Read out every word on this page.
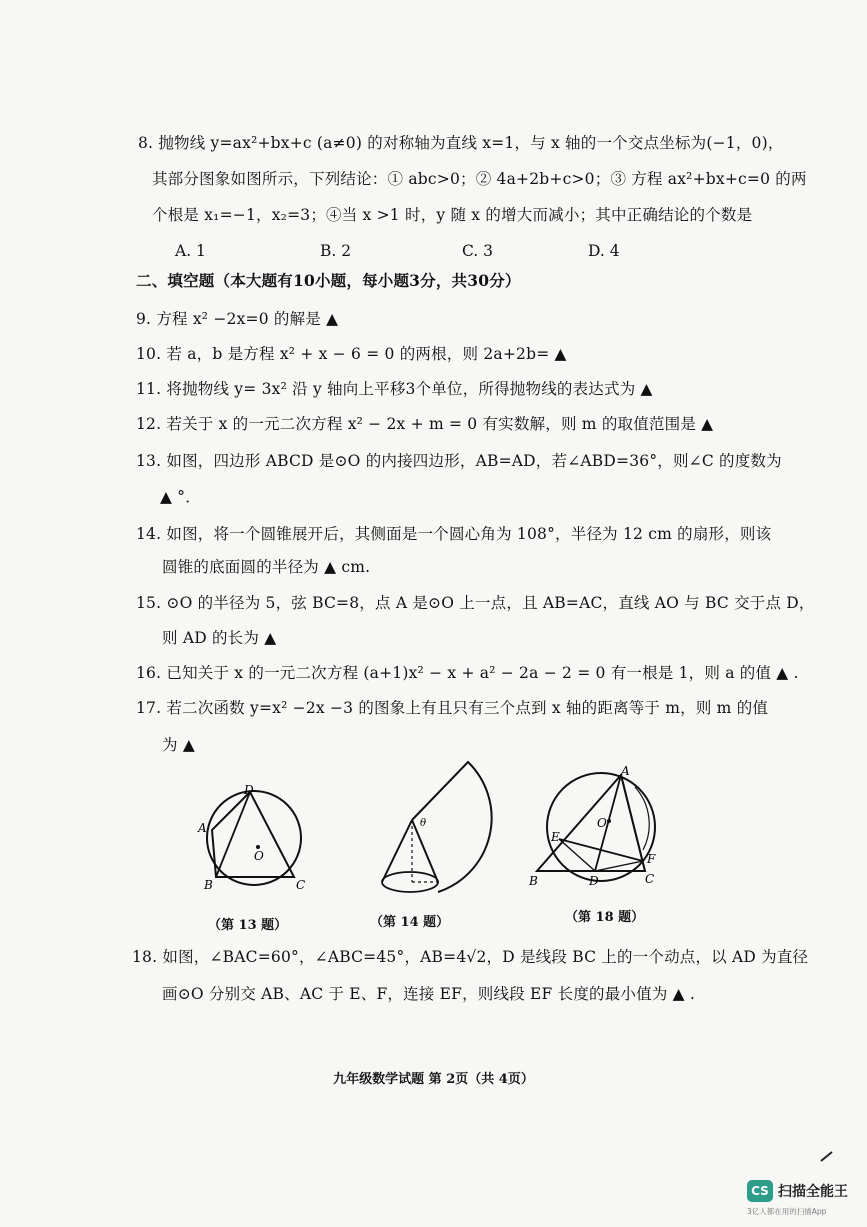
8. 抛物线 y=ax²+bx+c (a≠0) 的对称轴为直线 x=1，与 x 轴的一个交点坐标为(−1，0)，
其部分图象如图所示，下列结论：① abc>0；② 4a+2b+c>0；③ 方程 ax²+bx+c=0 的两
个根是 x₁=−1，x₂=3；④当 x >1 时，y 随 x 的增大而减小；其中正确结论的个数是
A. 1	B. 2	C. 3	D. 4
二、填空题（本大题有10小题，每小题3分，共30分）
9. 方程 x² −2x=0 的解是 ▲
10. 若 a，b 是方程 x² + x − 6 = 0 的两根，则 2a+2b= ▲
11. 将抛物线 y= 3x² 沿 y 轴向上平移3个单位，所得抛物线的表达式为 ▲
12. 若关于 x 的一元二次方程 x² − 2x + m = 0 有实数解，则 m 的取值范围是 ▲
13. 如图，四边形 ABCD 是⊙O 的内接四边形，AB=AD，若∠ABD=36°，则∠C 的度数为
▲ °．
14. 如图，将一个圆锥展开后，其侧面是一个圆心角为 108°，半径为 12 cm 的扇形，则该
圆锥的底面圆的半径为 ▲ cm.
15. ⊙O 的半径为 5，弦 BC=8，点 A 是⊙O 上一点，且 AB=AC，直线 AO 与 BC 交于点 D，
则 AD 的长为 ▲
16. 已知关于 x 的一元二次方程 (a+1)x² − x + a² − 2a − 2 = 0 有一根是 1，则 a 的值 ▲ .
17. 若二次函数 y=x² −2x −3 的图象上有且只有三个点到 x 轴的距离等于 m，则 m 的值
为 ▲
D
A
B	C
O
（第 13 题）
θ
（第 14 题）
A
B	C
D
E
F
O
（第 18 题）
18. 如图，∠BAC=60°，∠ABC=45°，AB=4√2，D 是线段 BC 上的一个动点，以 AD 为直径
画⊙O 分别交 AB、AC 于 E、F，连接 EF，则线段 EF 长度的最小值为 ▲ .
九年级数学试题 第 2页（共 4页）
CS 扫描全能王
3亿人都在用的扫描App
